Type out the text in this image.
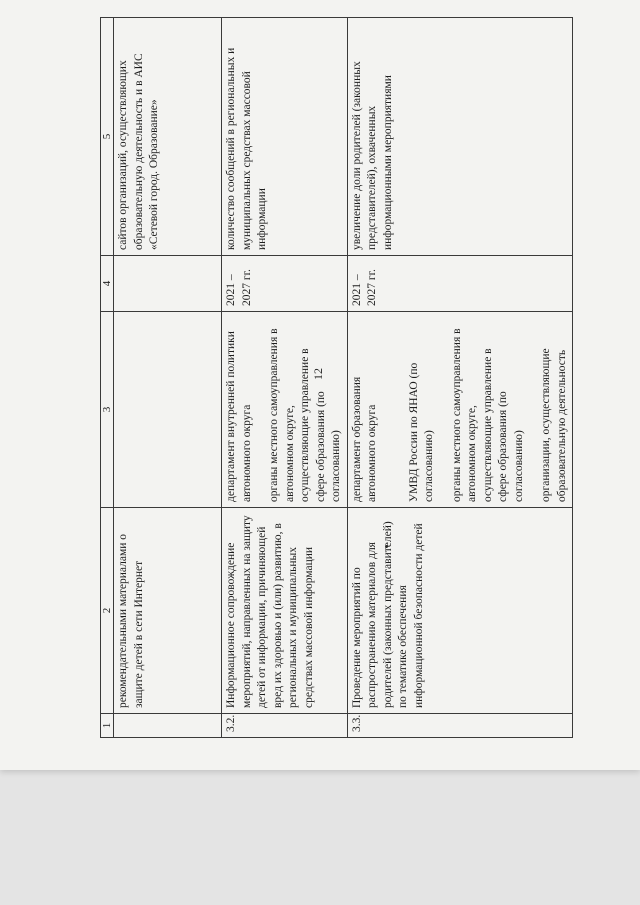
12
1	2	3	4	5
	рекомендательными материалами о защите детей в сети Интернет			сайтов организаций, осуществляющих образовательную деятельность и в АИС «Сетевой город. Образование»
3.2.	Информационное сопровождение мероприятий, направленных на защиту детей от информации, причиняющей вред их здоровью и (или) развитию, в региональных и муниципальных средствах массовой информации	департамент внутренней политики автономного округа органы местного самоуправления в автономном округе, осуществляющие управление в сфере образования (по согласованию)	2021 – 2027 гг.	количество сообщений в региональных и муниципальных средствах массовой информации
3.3.	Проведение мероприятий по распространению материалов для родителей (законных представителей) по тематике обеспечения информационной безопасности детей	департамент образования автономного округа УМВД России по ЯНАО (по согласованию) органы местного самоуправления в автономном округе, осуществляющие управление в сфере образования (по согласованию) организации, осуществляющие образовательную деятельность	2021 – 2027 гг.	увеличение доли родителей (законных представителей), охваченных информационными мероприятиями
